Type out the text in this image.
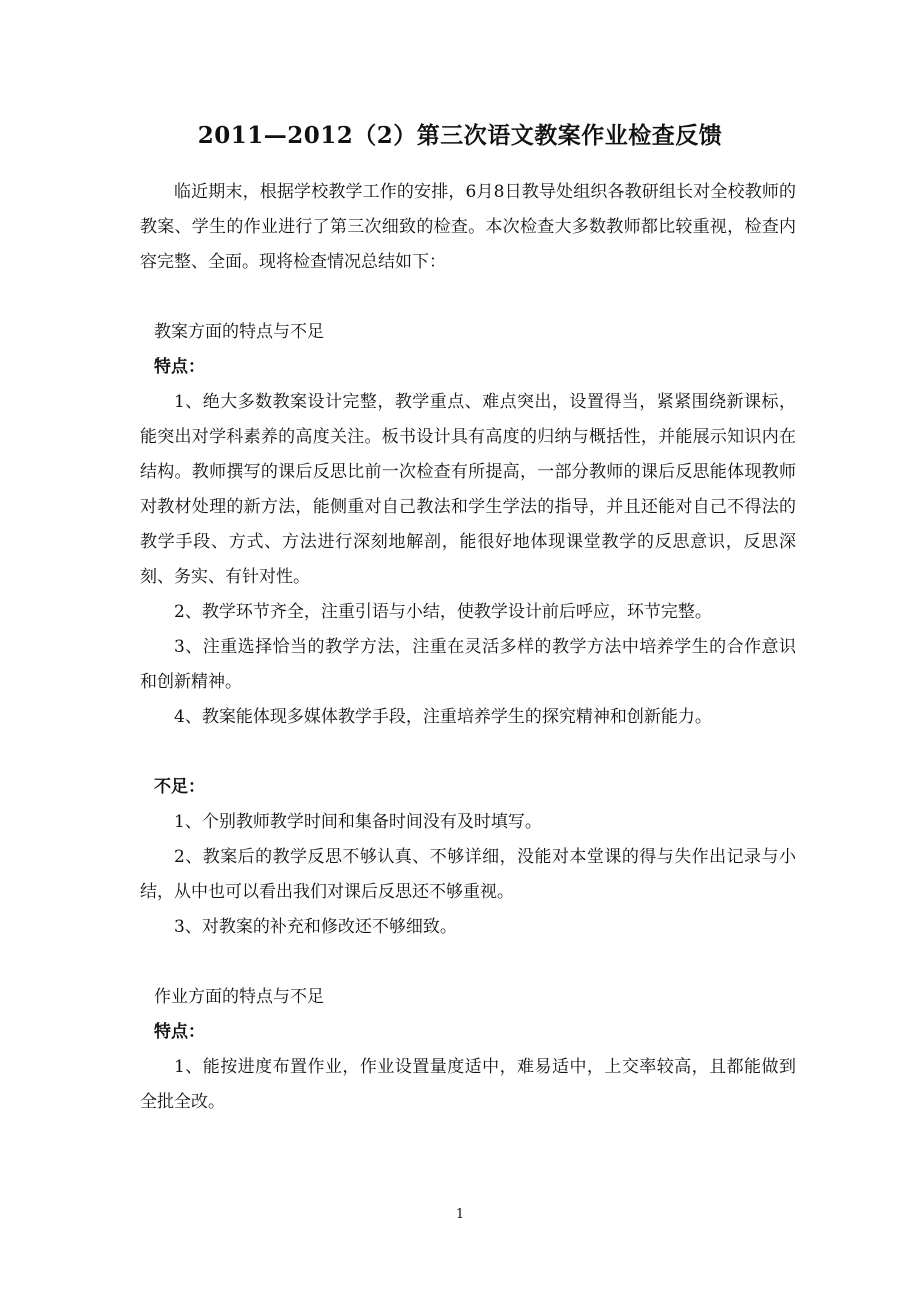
2011—2012（2）第三次语文教案作业检查反馈

临近期末，根据学校教学工作的安排，6月8日教导处组织各教研组长对全校教师的教案、学生的作业进行了第三次细致的检查。本次检查大多数教师都比较重视，检查内容完整、全面。现将检查情况总结如下：

教案方面的特点与不足

特点：

1、绝大多数教案设计完整，教学重点、难点突出，设置得当，紧紧围绕新课标，能突出对学科素养的高度关注。板书设计具有高度的归纳与概括性，并能展示知识内在结构。教师撰写的课后反思比前一次检查有所提高，一部分教师的课后反思能体现教师对教材处理的新方法，能侧重对自己教法和学生学法的指导，并且还能对自己不得法的教学手段、方式、方法进行深刻地解剖，能很好地体现课堂教学的反思意识，反思深刻、务实、有针对性。

2、教学环节齐全，注重引语与小结，使教学设计前后呼应，环节完整。

3、注重选择恰当的教学方法，注重在灵活多样的教学方法中培养学生的合作意识和创新精神。

4、教案能体现多媒体教学手段，注重培养学生的探究精神和创新能力。

不足：

1、个别教师教学时间和集备时间没有及时填写。

2、教案后的教学反思不够认真、不够详细，没能对本堂课的得与失作出记录与小结，从中也可以看出我们对课后反思还不够重视。

3、对教案的补充和修改还不够细致。

作业方面的特点与不足

特点：

1、能按进度布置作业，作业设置量度适中，难易适中，上交率较高，且都能做到全批全改。

1
